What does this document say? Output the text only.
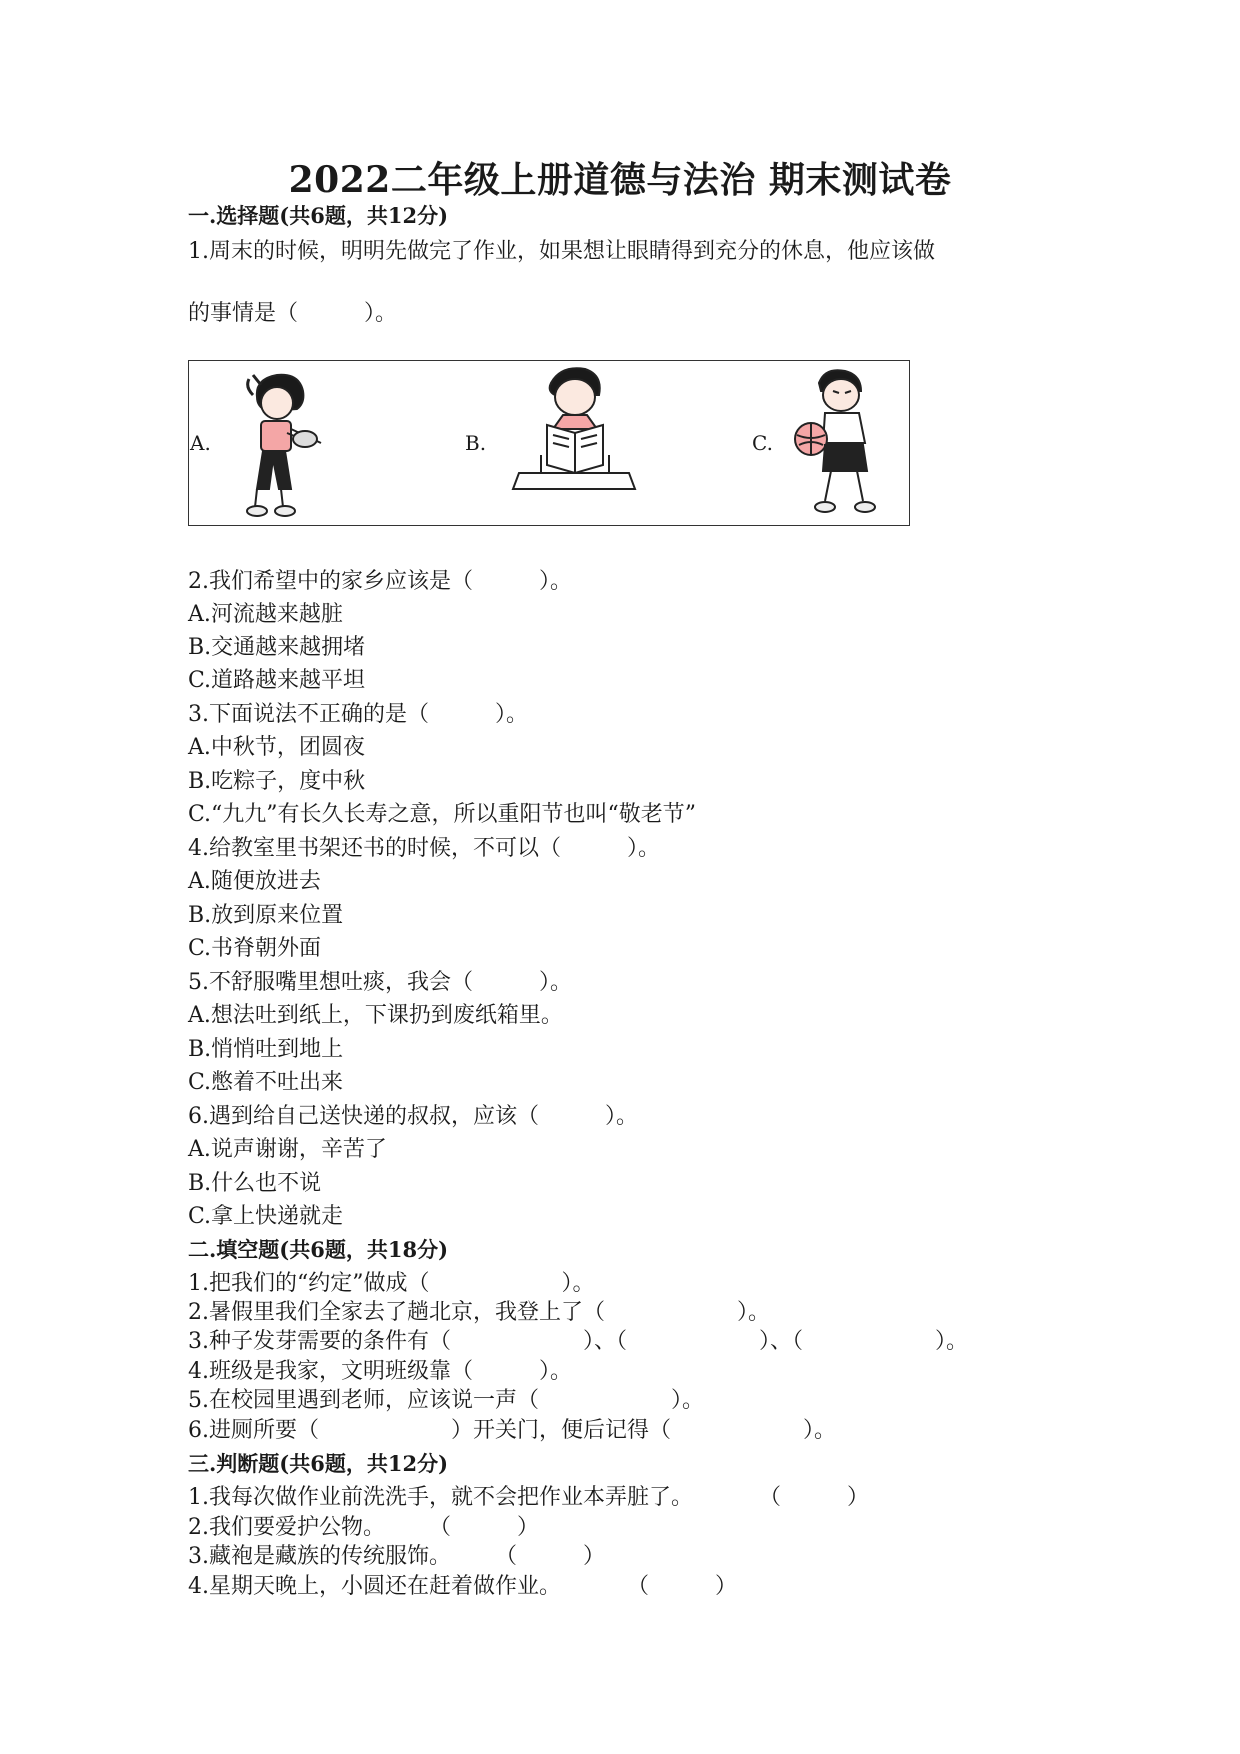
2022二年级上册道德与法治 期末测试卷
一.选择题(共6题，共12分)
1.周末的时候，明明先做完了作业，如果想让眼睛得到充分的休息，他应该做
的事情是（　　　）。
A.	B.	C.
2.我们希望中的家乡应该是（　　　）。
A.河流越来越脏
B.交通越来越拥堵
C.道路越来越平坦
3.下面说法不正确的是（　　　）。
A.中秋节，团圆夜
B.吃粽子，度中秋
C.“九九”有长久长寿之意，所以重阳节也叫“敬老节”
4.给教室里书架还书的时候，不可以（　　　）。
A.随便放进去
B.放到原来位置
C.书脊朝外面
5.不舒服嘴里想吐痰，我会（　　　）。
A.想法吐到纸上，下课扔到废纸箱里。
B.悄悄吐到地上
C.憋着不吐出来
6.遇到给自己送快递的叔叔，应该（　　　）。
A.说声谢谢，辛苦了
B.什么也不说
C.拿上快递就走
二.填空题(共6题，共18分)
1.把我们的“约定”做成（　　　　　　）。
2.暑假里我们全家去了趟北京，我登上了（　　　　　　）。
3.种子发芽需要的条件有（　　　　　　）、（　　　　　　）、（　　　　　　）。
4.班级是我家，文明班级靠（　　　）。
5.在校园里遇到老师，应该说一声（　　　　　　）。
6.进厕所要（　　　　　　）开关门，便后记得（　　　　　　）。
三.判断题(共6题，共12分)
1.我每次做作业前洗洗手，就不会把作业本弄脏了。　　　　（　　　）
2.我们要爱护公物。　　　（　　　）
3.藏袍是藏族的传统服饰。　　　（　　　）
4.星期天晚上，小圆还在赶着做作业。　　　　（　　　）
